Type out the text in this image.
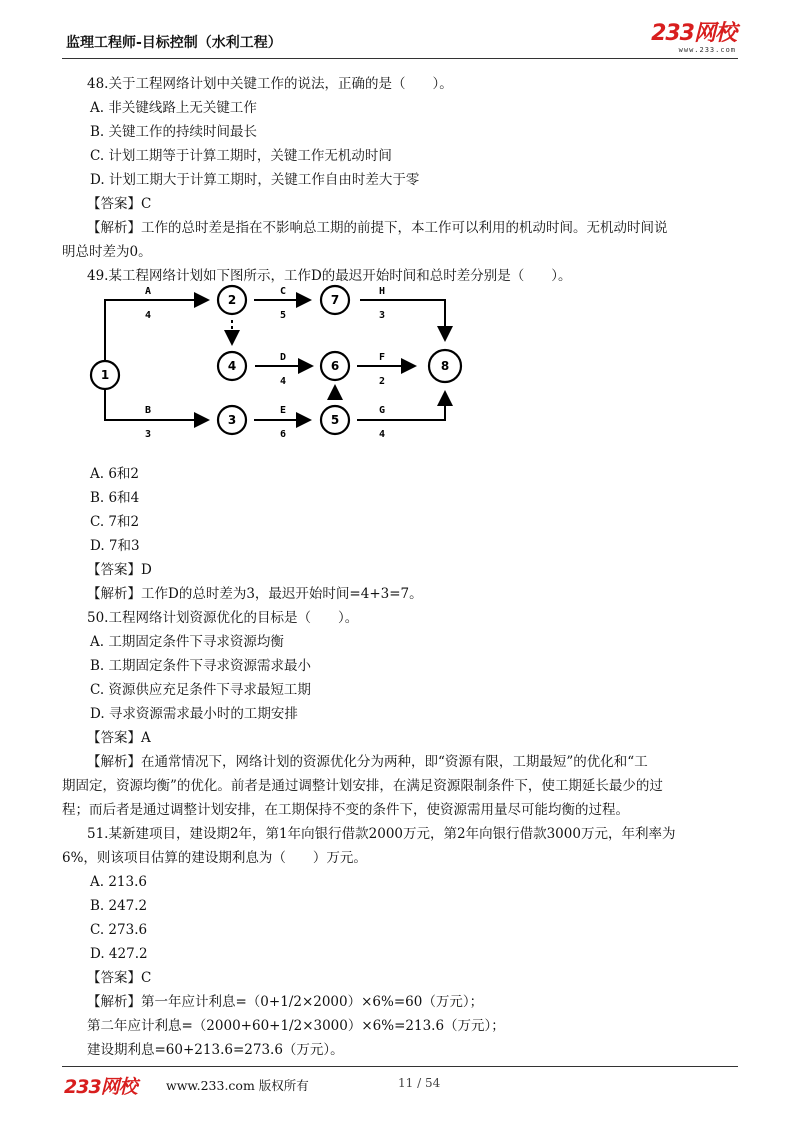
监理工程师-目标控制（水利工程）	233网校
www.233.com
48.关于工程网络计划中关键工作的说法，正确的是（　　）。
A. 非关键线路上无关键工作
B. 关键工作的持续时间最长
C. 计划工期等于计算工期时，关键工作无机动时间
D. 计划工期大于计算工期时，关键工作自由时差大于零
【答案】C
【解析】工作的总时差是指在不影响总工期的前提下，本工作可以利用的机动时间。无机动时间说
明总时差为0。
49.某工程网络计划如下图所示，工作D的最迟开始时间和总时差分别是（　　）。
1
2
3
4
5
6
7
8
A
4
C
5
H
3
D
4
F
2
B
3
E
6
G
4
A. 6和2
B. 6和4
C. 7和2
D. 7和3
【答案】D
【解析】工作D的总时差为3，最迟开始时间=4+3=7。
50.工程网络计划资源优化的目标是（　　）。
A. 工期固定条件下寻求资源均衡
B. 工期固定条件下寻求资源需求最小
C. 资源供应充足条件下寻求最短工期
D. 寻求资源需求最小时的工期安排
【答案】A
【解析】在通常情况下，网络计划的资源优化分为两种，即“资源有限，工期最短”的优化和“工
期固定，资源均衡”的优化。前者是通过调整计划安排，在满足资源限制条件下，使工期延长最少的过
程；而后者是通过调整计划安排，在工期保持不变的条件下，使资源需用量尽可能均衡的过程。
51.某新建项目，建设期2年，第1年向银行借款2000万元，第2年向银行借款3000万元，年利率为
6%，则该项目估算的建设期利息为（　　）万元。
A. 213.6
B. 247.2
C. 273.6
D. 427.2
【答案】C
【解析】第一年应计利息=（0+1/2×2000）×6%=60（万元）；
第二年应计利息=（2000+60+1/2×3000）×6%=213.6（万元）；
建设期利息=60+213.6=273.6（万元）。
233网校 www.233.com 版权所有	11 / 54
